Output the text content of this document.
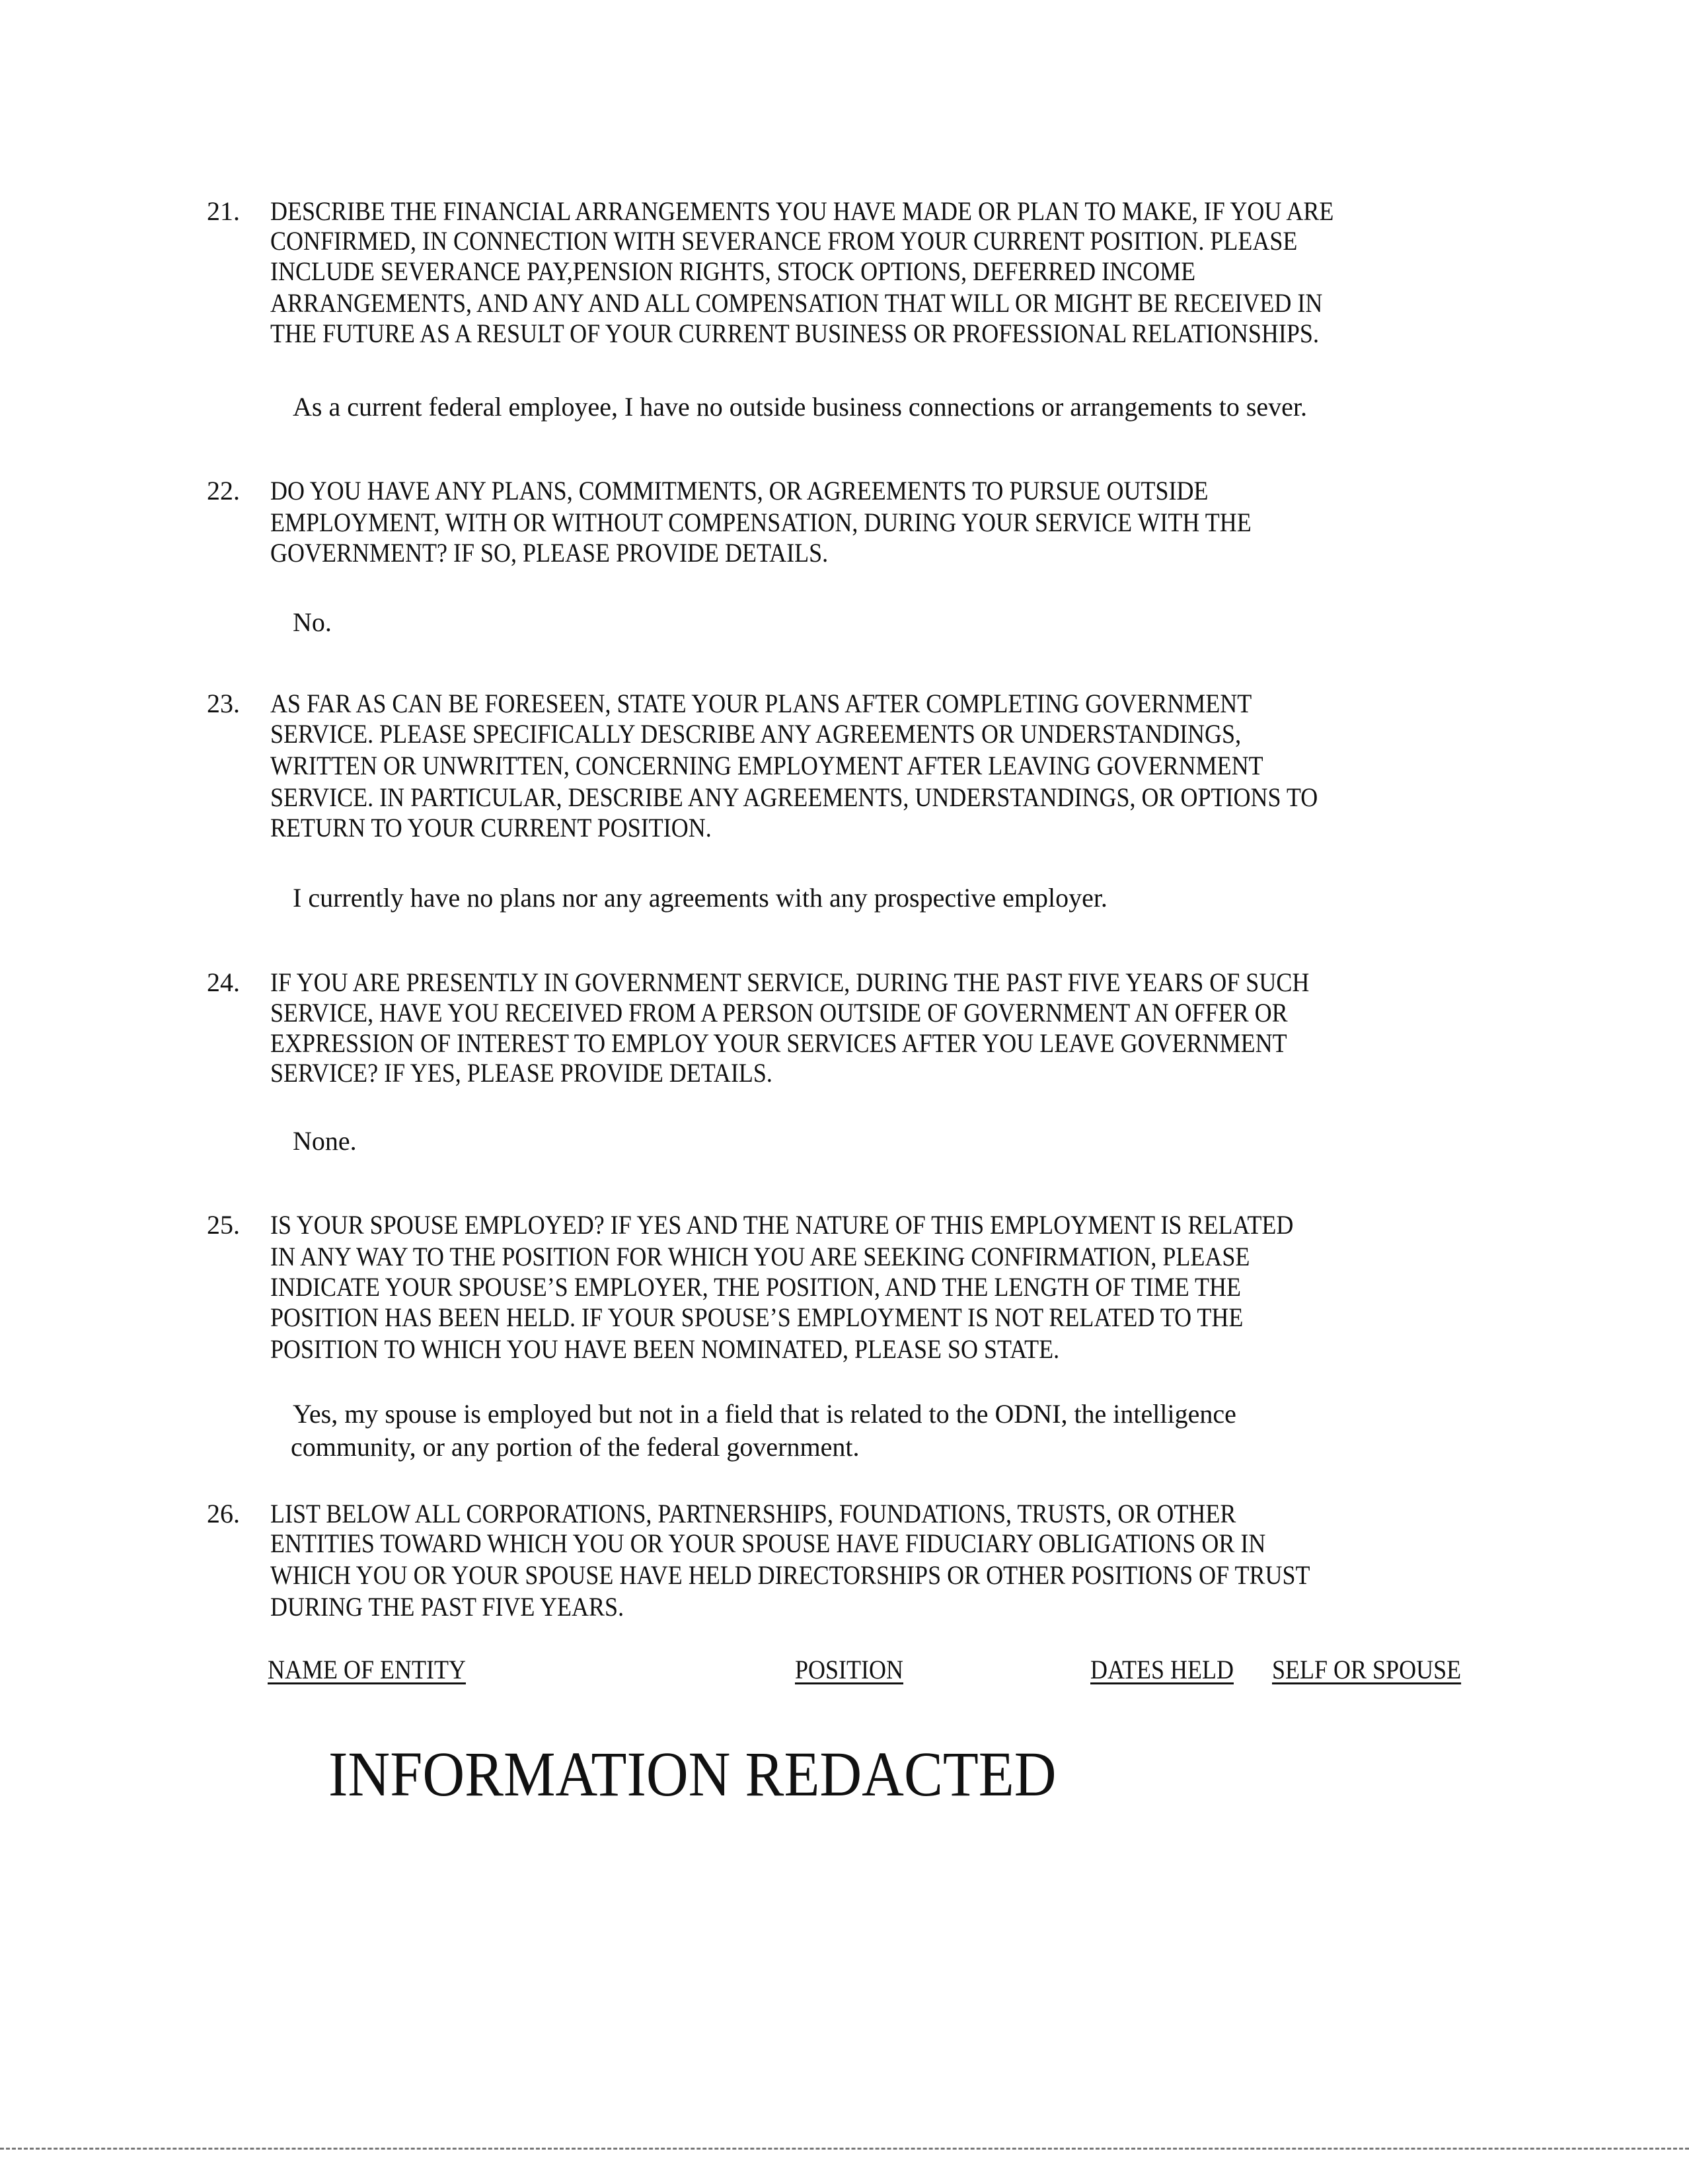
21. DESCRIBE THE FINANCIAL ARRANGEMENTS YOU HAVE MADE OR PLAN TO MAKE, IF YOU ARE
CONFIRMED, IN CONNECTION WITH SEVERANCE FROM YOUR CURRENT POSITION. PLEASE
INCLUDE SEVERANCE PAY,PENSION RIGHTS, STOCK OPTIONS, DEFERRED INCOME
ARRANGEMENTS, AND ANY AND ALL COMPENSATION THAT WILL OR MIGHT BE RECEIVED IN
THE FUTURE AS A RESULT OF YOUR CURRENT BUSINESS OR PROFESSIONAL RELATIONSHIPS.
As a current federal employee, I have no outside business connections or arrangements to sever.
22. DO YOU HAVE ANY PLANS, COMMITMENTS, OR AGREEMENTS TO PURSUE OUTSIDE
EMPLOYMENT, WITH OR WITHOUT COMPENSATION, DURING YOUR SERVICE WITH THE
GOVERNMENT? IF SO, PLEASE PROVIDE DETAILS.
No.
23. AS FAR AS CAN BE FORESEEN, STATE YOUR PLANS AFTER COMPLETING GOVERNMENT
SERVICE. PLEASE SPECIFICALLY DESCRIBE ANY AGREEMENTS OR UNDERSTANDINGS,
WRITTEN OR UNWRITTEN, CONCERNING EMPLOYMENT AFTER LEAVING GOVERNMENT
SERVICE. IN PARTICULAR, DESCRIBE ANY AGREEMENTS, UNDERSTANDINGS, OR OPTIONS TO
RETURN TO YOUR CURRENT POSITION.
I currently have no plans nor any agreements with any prospective employer.
24. IF YOU ARE PRESENTLY IN GOVERNMENT SERVICE, DURING THE PAST FIVE YEARS OF SUCH
SERVICE, HAVE YOU RECEIVED FROM A PERSON OUTSIDE OF GOVERNMENT AN OFFER OR
EXPRESSION OF INTEREST TO EMPLOY YOUR SERVICES AFTER YOU LEAVE GOVERNMENT
SERVICE? IF YES, PLEASE PROVIDE DETAILS.
None.
25. IS YOUR SPOUSE EMPLOYED? IF YES AND THE NATURE OF THIS EMPLOYMENT IS RELATED
IN ANY WAY TO THE POSITION FOR WHICH YOU ARE SEEKING CONFIRMATION, PLEASE
INDICATE YOUR SPOUSE’S EMPLOYER, THE POSITION, AND THE LENGTH OF TIME THE
POSITION HAS BEEN HELD. IF YOUR SPOUSE’S EMPLOYMENT IS NOT RELATED TO THE
POSITION TO WHICH YOU HAVE BEEN NOMINATED, PLEASE SO STATE.
Yes, my spouse is employed but not in a field that is related to the ODNI, the intelligence
community, or any portion of the federal government.
26. LIST BELOW ALL CORPORATIONS, PARTNERSHIPS, FOUNDATIONS, TRUSTS, OR OTHER
ENTITIES TOWARD WHICH YOU OR YOUR SPOUSE HAVE FIDUCIARY OBLIGATIONS OR IN
WHICH YOU OR YOUR SPOUSE HAVE HELD DIRECTORSHIPS OR OTHER POSITIONS OF TRUST
DURING THE PAST FIVE YEARS.
NAME OF ENTITY	POSITION	DATES HELD SELF OR SPOUSE
INFORMATION REDACTED
